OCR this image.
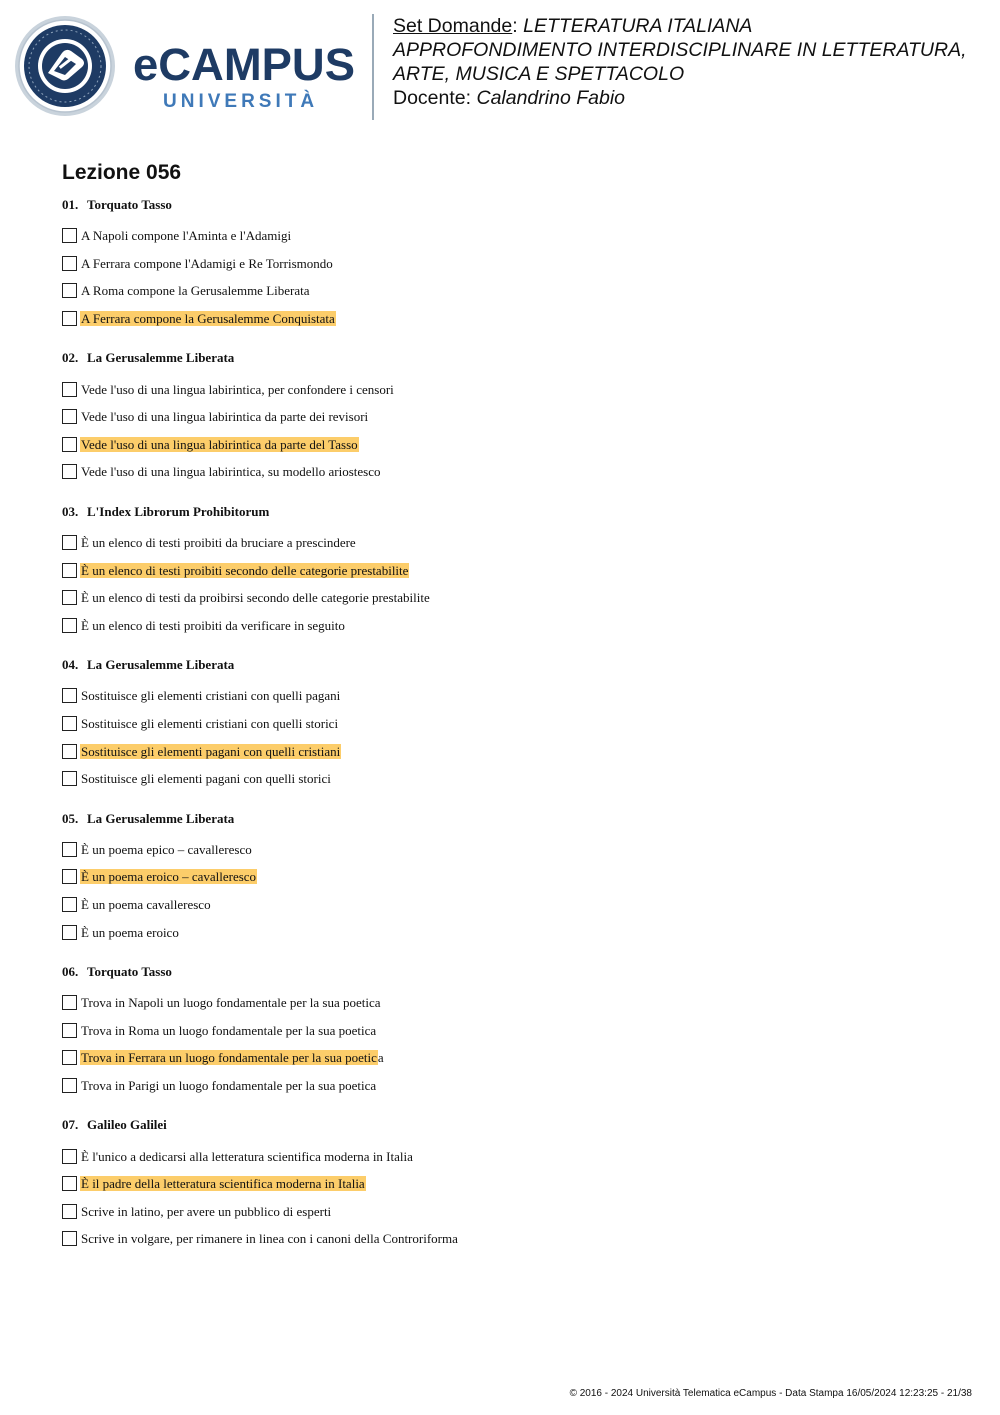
eCAMPUS
UNIVERSITÀ
Set Domande: LETTERATURA ITALIANA
APPROFONDIMENTO INTERDISCIPLINARE IN LETTERATURA,
ARTE, MUSICA E SPETTACOLO
Docente: Calandrino Fabio
Lezione 056
01. Torquato Tasso
A Napoli compone l'Aminta e l'Adamigi
A Ferrara compone l'Adamigi e Re Torrismondo
A Roma compone la Gerusalemme Liberata
A Ferrara compone la Gerusalemme Conquistata
02. La Gerusalemme Liberata
Vede l'uso di una lingua labirintica, per confondere i censori
Vede l'uso di una lingua labirintica da parte dei revisori
Vede l'uso di una lingua labirintica da parte del Tasso
Vede l'uso di una lingua labirintica, su modello ariostesco
03. L'Index Librorum Prohibitorum
È un elenco di testi proibiti da bruciare a prescindere
È un elenco di testi proibiti secondo delle categorie prestabilite
È un elenco di testi da proibirsi secondo delle categorie prestabilite
È un elenco di testi proibiti da verificare in seguito
04. La Gerusalemme Liberata
Sostituisce gli elementi cristiani con quelli pagani
Sostituisce gli elementi cristiani con quelli storici
Sostituisce gli elementi pagani con quelli cristiani
Sostituisce gli elementi pagani con quelli storici
05. La Gerusalemme Liberata
È un poema epico – cavalleresco
È un poema eroico – cavalleresco
È un poema cavalleresco
È un poema eroico
06. Torquato Tasso
Trova in Napoli un luogo fondamentale per la sua poetica
Trova in Roma un luogo fondamentale per la sua poetica
Trova in Ferrara un luogo fondamentale per la sua poetic a
Trova in Parigi un luogo fondamentale per la sua poetica
07. Galileo Galilei
È l'unico a dedicarsi alla letteratura scientifica moderna in Italia
È il padre della letteratura scientifica moderna in Italia
Scrive in latino, per avere un pubblico di esperti
Scrive in volgare, per rimanere in linea con i canoni della Controriforma
© 2016 - 2024 Università Telematica eCampus - Data Stampa 16/05/2024 12:23:25 - 21/38
